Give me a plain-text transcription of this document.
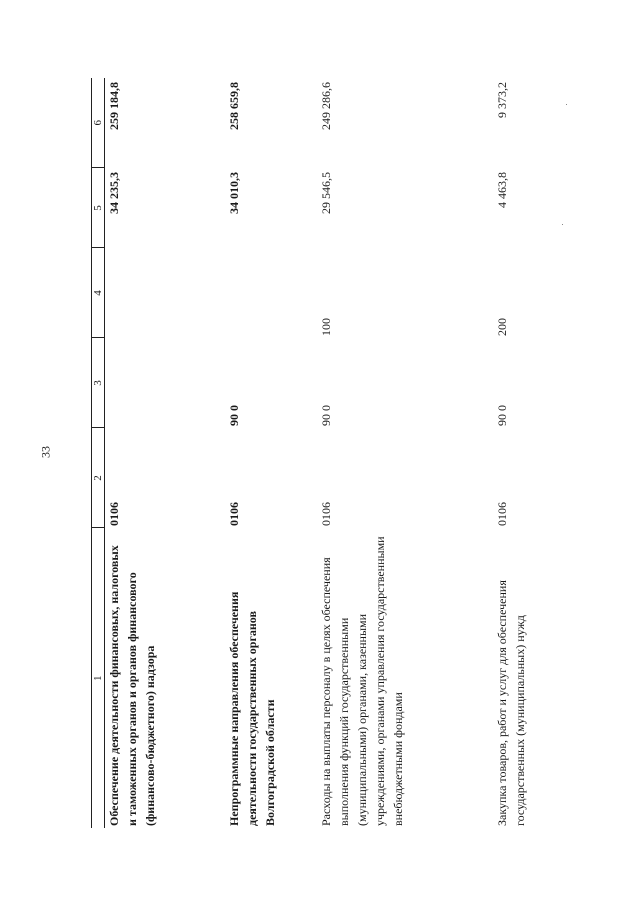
33
1	2	3	4	5	6
Обеспечение деятельности финансовых, налоговых и таможенных органов и органов финансового (финансово-бюджетного) надзора	0106			34 235,3	259 184,8
Непрограммные направления обеспечения деятельности государственных органов Волгоградской области	0106	90 0		34 010,3	258 659,8
Расходы на выплаты персоналу в целях обеспечения выполнения функций государственными (муниципальными) органами, казенными учреждениями, органами управления государственными внебюджетными фондами	0106	90 0	100	29 546,5	249 286,6
Закупка товаров, работ и услуг для обеспечения государственных (муниципальных) нужд	0106	90 0	200	4 463,8	9 373,2
